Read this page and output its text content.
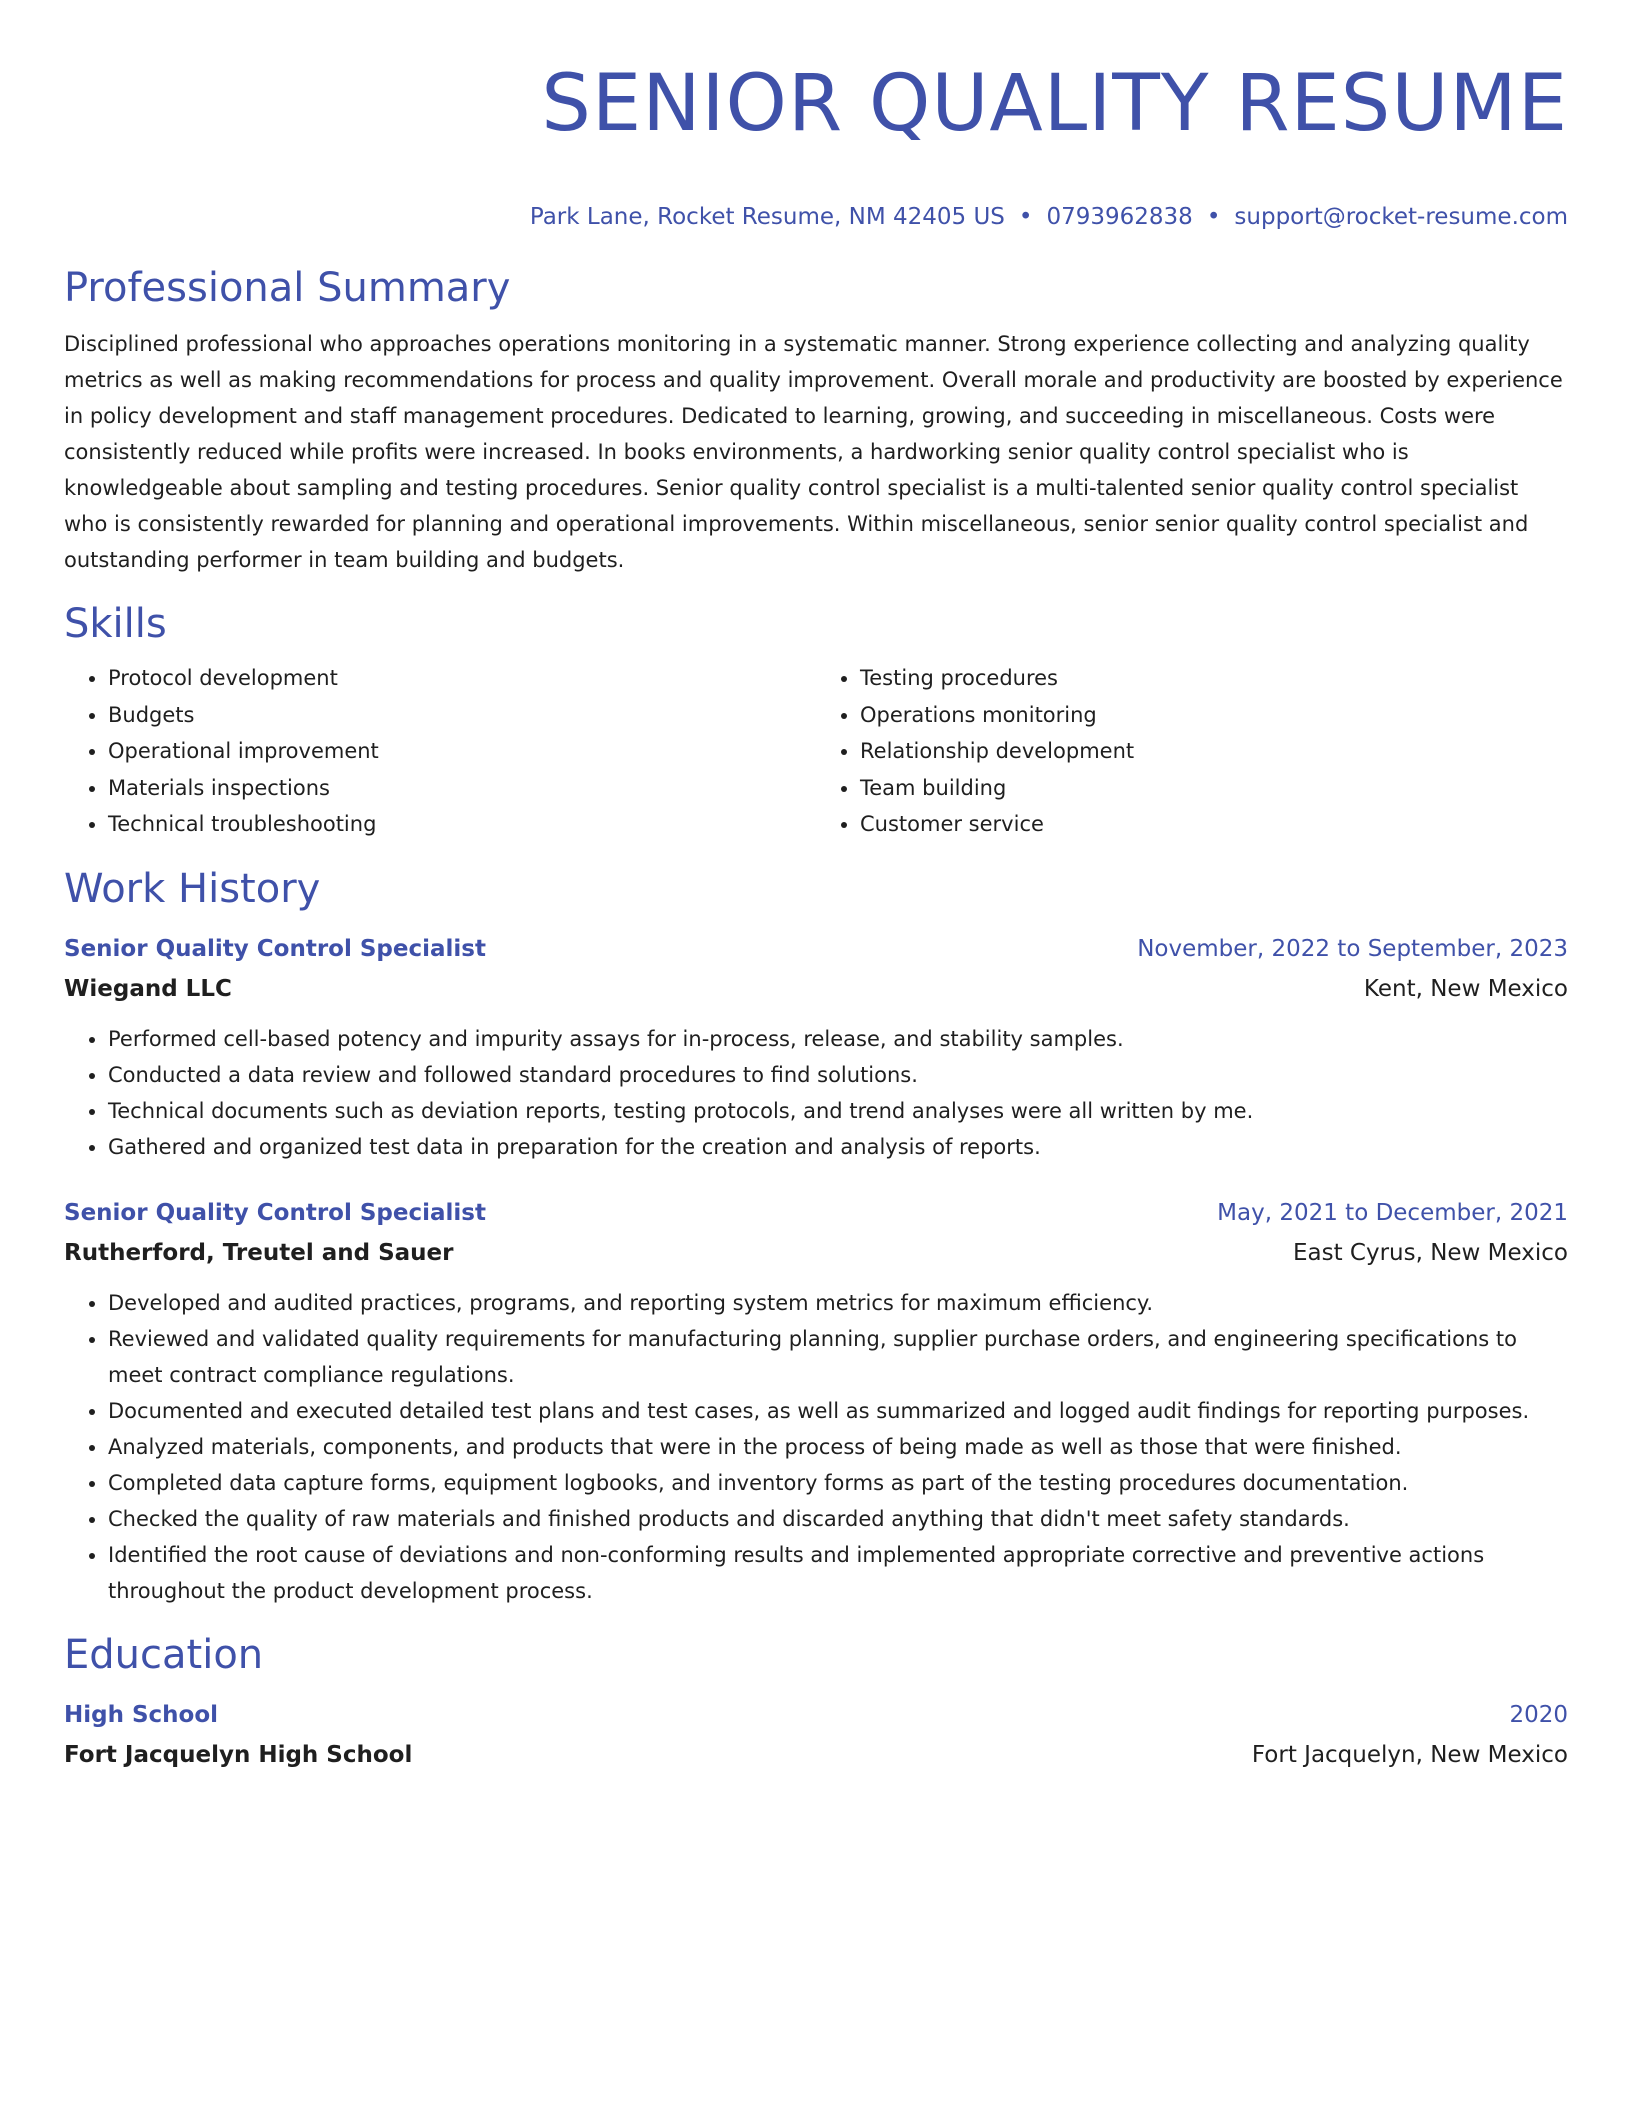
SENIOR QUALITY RESUME
Park Lane, Rocket Resume, NM 42405 US • 0793962838 • support@rocket-resume.com
Professional Summary
Disciplined professional who approaches operations monitoring in a systematic manner. Strong experience collecting and analyzing quality metrics as well as making recommendations for process and quality improvement. Overall morale and productivity are boosted by experience in policy development and staff management procedures. Dedicated to learning, growing, and succeeding in miscellaneous. Costs were consistently reduced while profits were increased. In books environments, a hardworking senior quality control specialist who is knowledgeable about sampling and testing procedures. Senior quality control specialist is a multi-talented senior quality control specialist who is consistently rewarded for planning and operational improvements. Within miscellaneous, senior senior quality control specialist and outstanding performer in team building and budgets.
Skills
• Protocol development
• Budgets
• Operational improvement
• Materials inspections
• Technical troubleshooting
• Testing procedures
• Operations monitoring
• Relationship development
• Team building
• Customer service
Work History
Senior Quality Control Specialist	November, 2022 to September, 2023
Wiegand LLC	Kent, New Mexico
• Performed cell-based potency and impurity assays for in-process, release, and stability samples.
• Conducted a data review and followed standard procedures to find solutions.
• Technical documents such as deviation reports, testing protocols, and trend analyses were all written by me.
• Gathered and organized test data in preparation for the creation and analysis of reports.
Senior Quality Control Specialist	May, 2021 to December, 2021
Rutherford, Treutel and Sauer	East Cyrus, New Mexico
• Developed and audited practices, programs, and reporting system metrics for maximum efficiency.
• Reviewed and validated quality requirements for manufacturing planning, supplier purchase orders, and engineering specifications to meet contract compliance regulations.
• Documented and executed detailed test plans and test cases, as well as summarized and logged audit findings for reporting purposes.
• Analyzed materials, components, and products that were in the process of being made as well as those that were finished.
• Completed data capture forms, equipment logbooks, and inventory forms as part of the testing procedures documentation.
• Checked the quality of raw materials and finished products and discarded anything that didn't meet safety standards.
• Identified the root cause of deviations and non-conforming results and implemented appropriate corrective and preventive actions throughout the product development process.
Education
High School	2020
Fort Jacquelyn High School	Fort Jacquelyn, New Mexico
